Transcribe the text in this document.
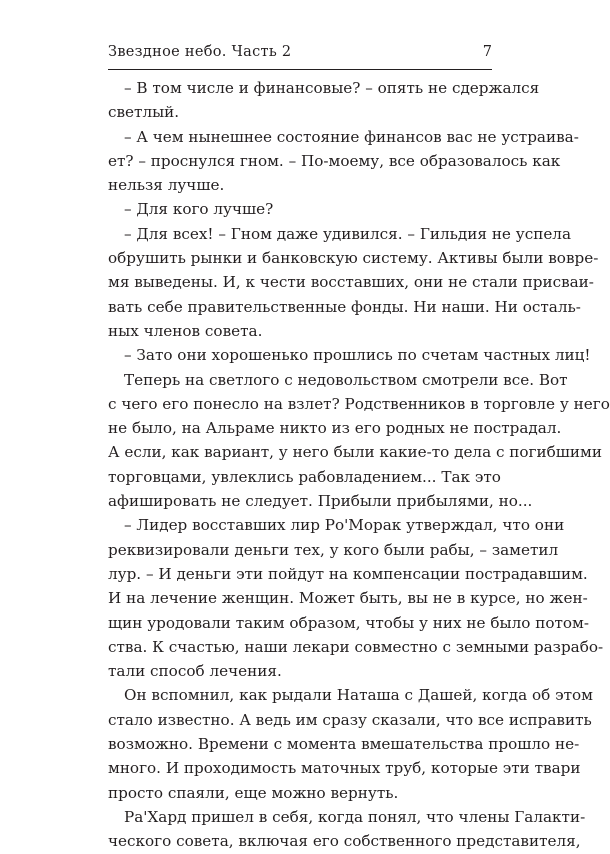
Звездное небо. Часть 2	7
– В том числе и финансовые? – опять не сдержался
светлый.
– А чем нынешнее состояние финансов вас не устраива-
ет? – проснулся гном. – По-моему, все образовалось как
нельзя лучше.
– Для кого лучше?
– Для всех! – Гном даже удивился. – Гильдия не успела
обрушить рынки и банковскую систему. Активы были вовре-
мя выведены. И, к чести восставших, они не стали присваи-
вать себе правительственные фонды. Ни наши. Ни осталь-
ных членов совета.
– Зато они хорошенько прошлись по счетам частных лиц!
Теперь на светлого с недовольством смотрели все. Вот
с чего его понесло на взлет? Родственников в торговле у него
не было, на Альраме никто из его родных не пострадал.
А если, как вариант, у него были какие-то дела с погибшими
торговцами, увлеклись рабовладением... Так это
афишировать не следует. Прибыли прибылями, но...
– Лидер восставших лир Ро'Морак утверждал, что они
реквизировали деньги тех, у кого были рабы, – заметил
лур. – И деньги эти пойдут на компенсации пострадавшим.
И на лечение женщин. Может быть, вы не в курсе, но жен-
щин уродовали таким образом, чтобы у них не было потом-
ства. К счастью, наши лекари совместно с земными разрабо-
тали способ лечения.
Он вспомнил, как рыдали Наташа с Дашей, когда об этом
стало известно. А ведь им сразу сказали, что все исправить
возможно. Времени с момента вмешательства прошло не-
много. И проходимость маточных труб, которые эти твари
просто спаяли, еще можно вернуть.
Ра'Хард пришел в себя, когда понял, что члены Галакти-
ческого совета, включая его собственного представителя,
